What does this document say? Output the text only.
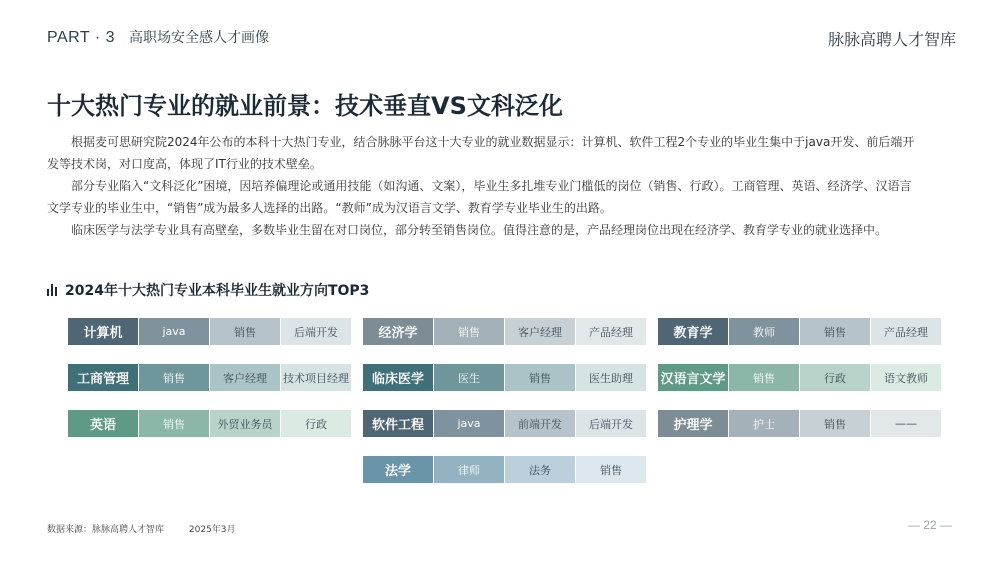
PART · 3 高职场安全感人才画像	脉脉高聘人才智库
十大热门专业的就业前景：技术垂直VS文科泛化

根据麦可思研究院2024年公布的本科十大热门专业，结合脉脉平台这十大专业的就业数据显示：计算机、软件工程2个专业的毕业生集中于java开发、前后端开发等技术岗，对口度高，体现了IT行业的技术壁垒。

部分专业陷入“文科泛化”困境，因培养偏理论或通用技能（如沟通、文案），毕业生多扎堆专业门槛低的岗位（销售、行政）。工商管理、英语、经济学、汉语言文学专业的毕业生中，“销售”成为最多人选择的出路。“教师”成为汉语言文学、教育学专业毕业生的出路。

临床医学与法学专业具有高壁垒，多数毕业生留在对口岗位，部分转至销售岗位。值得注意的是，产品经理岗位出现在经济学、教育学专业的就业选择中。

2024年十大热门专业本科毕业生就业方向TOP3
计算机	java	销售	后端开发
工商管理	销售	客户经理	技术项目经理
英语	销售	外贸业务员	行政
经济学	销售	客户经理	产品经理
临床医学	医生	销售	医生助理
软件工程	java	前端开发	后端开发
法学	律师	法务	销售
教育学	教师	销售	产品经理
汉语言文学	销售	行政	语文教师
护理学	护士	销售	——
数据来源：脉脉高聘人才智库	2025年3月	— 22 —
